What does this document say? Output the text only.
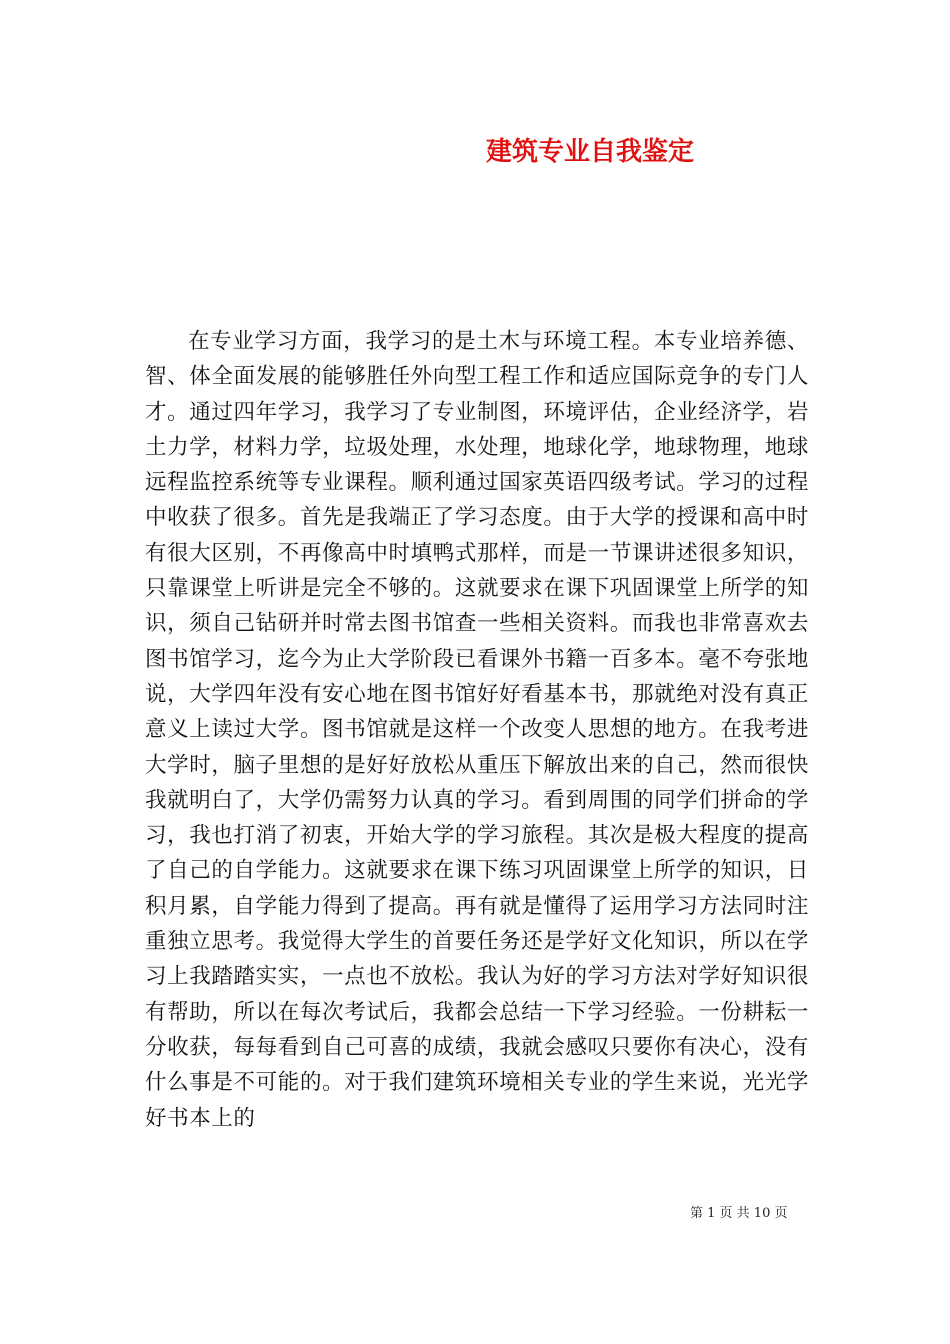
建筑专业自我鉴定

在专业学习方面，我学习的是土木与环境工程。本专业培养德、智、体全面发展的能够胜任外向型工程工作和适应国际竞争的专门人才。通过四年学习，我学习了专业制图，环境评估，企业经济学，岩土力学，材料力学，垃圾处理，水处理，地球化学，地球物理，地球远程监控系统等专业课程。顺利通过国家英语四级考试。学习的过程中收获了很多。首先是我端正了学习态度。由于大学的授课和高中时有很大区别，不再像高中时填鸭式那样，而是一节课讲述很多知识，只靠课堂上听讲是完全不够的。这就要求在课下巩固课堂上所学的知识，须自己钻研并时常去图书馆查一些相关资料。而我也非常喜欢去图书馆学习，迄今为止大学阶段已看课外书籍一百多本。毫不夸张地说，大学四年没有安心地在图书馆好好看基本书，那就绝对没有真正意义上读过大学。图书馆就是这样一个改变人思想的地方。在我考进大学时，脑子里想的是好好放松从重压下解放出来的自己，然而很快我就明白了，大学仍需努力认真的学习。看到周围的同学们拼命的学习，我也打消了初衷，开始大学的学习旅程。其次是极大程度的提高了自己的自学能力。这就要求在课下练习巩固课堂上所学的知识，日积月累，自学能力得到了提高。再有就是懂得了运用学习方法同时注重独立思考。我觉得大学生的首要任务还是学好文化知识，所以在学习上我踏踏实实，一点也不放松。我认为好的学习方法对学好知识很有帮助，所以在每次考试后，我都会总结一下学习经验。一份耕耘一分收获，每每看到自己可喜的成绩，我就会感叹只要你有决心，没有什么事是不可能的。对于我们建筑环境相关专业的学生来说，光光学好书本上的

第 1 页 共 10 页
